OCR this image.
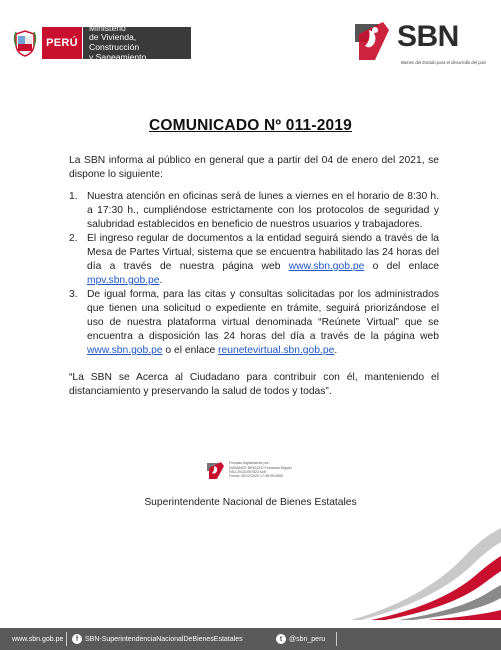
PERÚ
Ministerio
de Vivienda, Construcción
y Saneamiento
SBN
Bienes del Estado para el desarrollo del país
COMUNICADO Nº 011-2019

La SBN informa al público en general que a partir del 04 de enero del 2021, se dispone lo siguiente:

1. Nuestra atención en oficinas será de lunes a viernes en el horario de 8:30 h. a 17:30 h., cumpliéndose estrictamente con los protocolos de seguridad y salubridad establecidos en beneficio de nuestros usuarios y trabajadores.
2. El ingreso regular de documentos a la entidad seguirá siendo a través de la Mesa de Partes Virtual, sistema que se encuentra habilitado las 24 horas del día a través de nuestra página web www.sbn.gob.pe o del enlace mpv.sbn.gob.pe.
3. De igual forma, para las citas y consultas solicitadas por los administrados que tienen una solicitud o expediente en trámite, seguirá priorizándose el uso de nuestra plataforma virtual denominada “Reúnete Virtual” que se encuentra a disposición las 24 horas del día a través de la página web www.sbn.gob.pe o el enlace reunetevirtual.sbn.gob.pe.

“La SBN se Acerca al Ciudadano para contribuir con él, manteniendo el distanciamiento y preservando la salud de todos y todas”.

Firmado digitalmente por:
DUBANCE BRIOZZO Fernando Miguel
FAU 20131057823 soft
Fecha: 30/12/2020 17:38:05-0500
Superintendente Nacional de Bienes Estatales
www.sbn.gob.pe	f SBN-SuperintendenciaNacionalDeBienesEstatales	t @sbn_peru
